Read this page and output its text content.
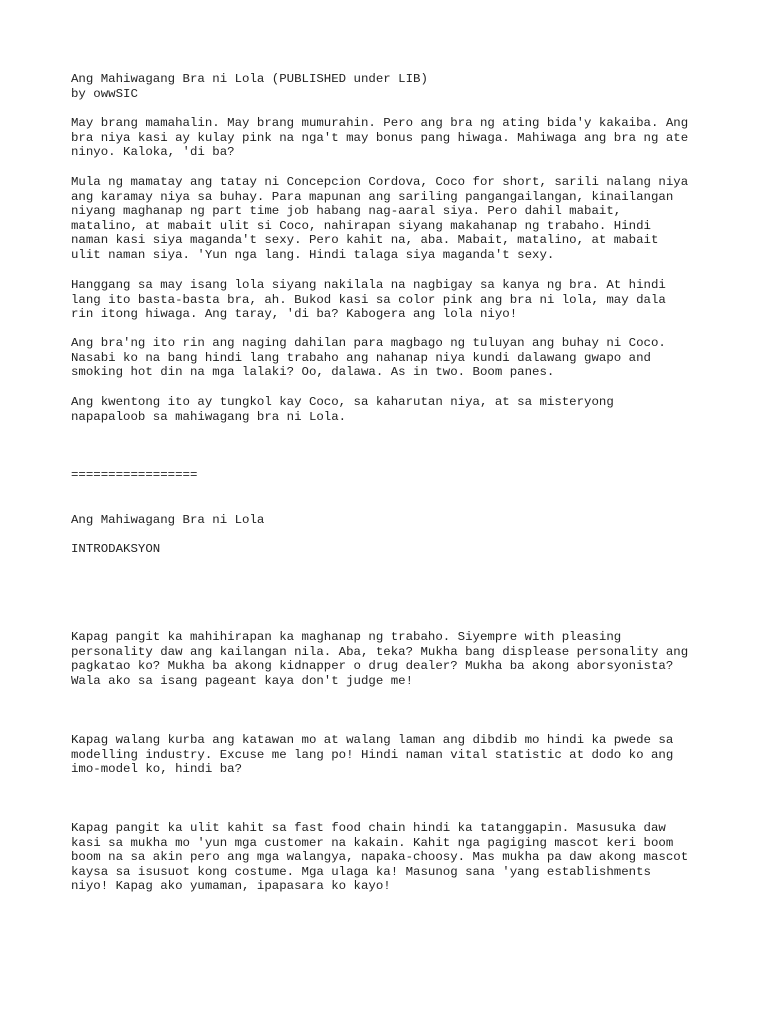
Ang Mahiwagang Bra ni Lola (PUBLISHED under LIB)
by owwSIC
May brang mamahalin. May brang mumurahin. Pero ang bra ng ating bida'y kakaiba. Ang
bra niya kasi ay kulay pink na nga't may bonus pang hiwaga. Mahiwaga ang bra ng ate
ninyo. Kaloka, 'di ba?
Mula ng mamatay ang tatay ni Concepcion Cordova, Coco for short, sarili nalang niya
ang karamay niya sa buhay. Para mapunan ang sariling pangangailangan, kinailangan
niyang maghanap ng part time job habang nag-aaral siya. Pero dahil mabait,
matalino, at mabait ulit si Coco, nahirapan siyang makahanap ng trabaho. Hindi
naman kasi siya maganda't sexy. Pero kahit na, aba. Mabait, matalino, at mabait
ulit naman siya. 'Yun nga lang. Hindi talaga siya maganda't sexy.
Hanggang sa may isang lola siyang nakilala na nagbigay sa kanya ng bra. At hindi
lang ito basta-basta bra, ah. Bukod kasi sa color pink ang bra ni lola, may dala
rin itong hiwaga. Ang taray, 'di ba? Kabogera ang lola niyo!
Ang bra'ng ito rin ang naging dahilan para magbago ng tuluyan ang buhay ni Coco.
Nasabi ko na bang hindi lang trabaho ang nahanap niya kundi dalawang gwapo and
smoking hot din na mga lalaki? Oo, dalawa. As in two. Boom panes.
Ang kwentong ito ay tungkol kay Coco, sa kaharutan niya, at sa misteryong
napapaloob sa mahiwagang bra ni Lola.
=================
Ang Mahiwagang Bra ni Lola
INTRODAKSYON
Kapag pangit ka mahihirapan ka maghanap ng trabaho. Siyempre with pleasing
personality daw ang kailangan nila. Aba, teka? Mukha bang displease personality ang
pagkatao ko? Mukha ba akong kidnapper o drug dealer? Mukha ba akong aborsyonista?
Wala ako sa isang pageant kaya don't judge me!
Kapag walang kurba ang katawan mo at walang laman ang dibdib mo hindi ka pwede sa
modelling industry. Excuse me lang po! Hindi naman vital statistic at dodo ko ang
imo-model ko, hindi ba?
Kapag pangit ka ulit kahit sa fast food chain hindi ka tatanggapin. Masusuka daw
kasi sa mukha mo 'yun mga customer na kakain. Kahit nga pagiging mascot keri boom
boom na sa akin pero ang mga walangya, napaka-choosy. Mas mukha pa daw akong mascot
kaysa sa isusuot kong costume. Mga ulaga ka! Masunog sana 'yang establishments
niyo! Kapag ako yumaman, ipapasara ko kayo!
